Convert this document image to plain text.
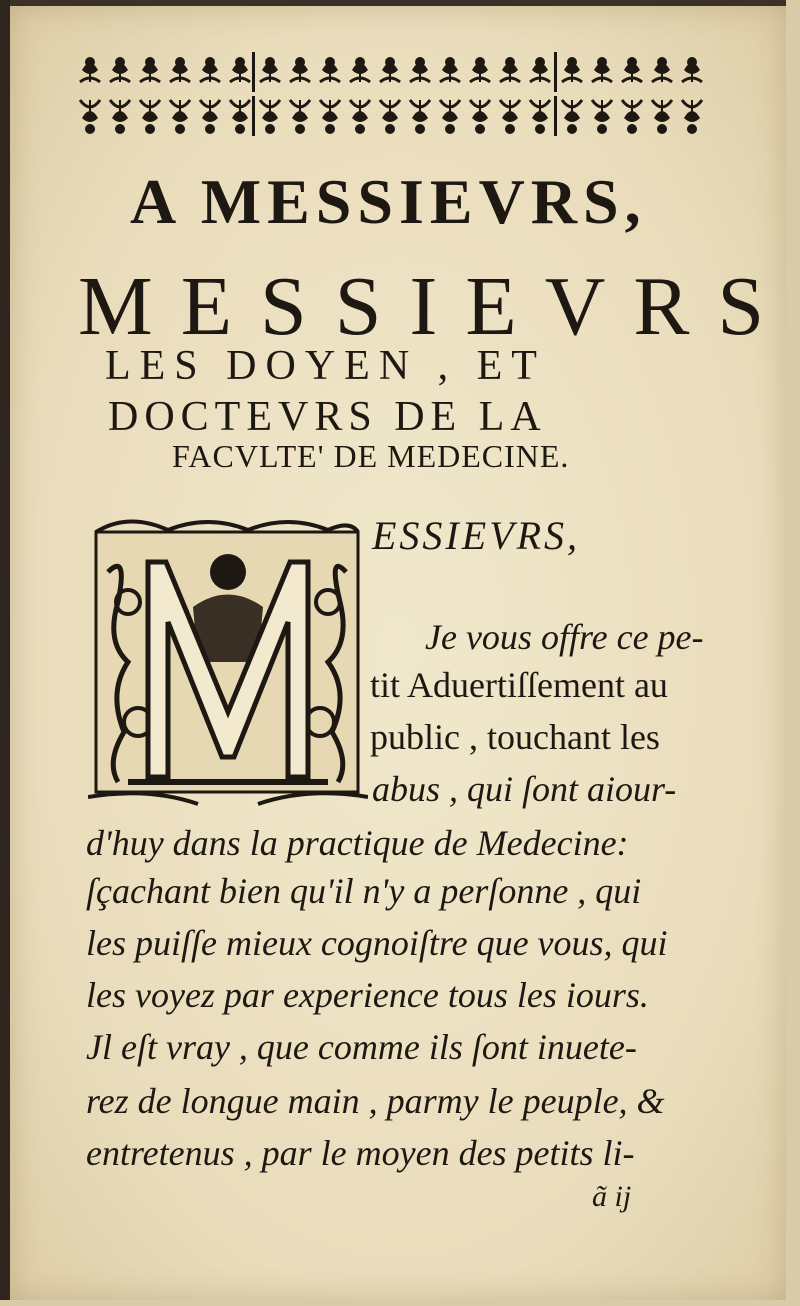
A MESSIEVRS,
MESSIEVRS
LES DOYEN , ET
DOCTEVRS DE LA
FACVLTE' DE MEDECINE.
ESSIEVRS,
Je vous offre ce pe-
tit Aduertiſſement au
public , touchant les
abus , qui ſont aiour-
d'huy dans la practique de Medecine:
ſçachant bien qu'il n'y a perſonne , qui
les puiſſe mieux cognoiſtre que vous, qui
les voyez par experience tous les iours.
Jl eſt vray , que comme ils ſont inuete-
rez de longue main , parmy le peuple, &
entretenus , par le moyen des petits li-
ã ij
